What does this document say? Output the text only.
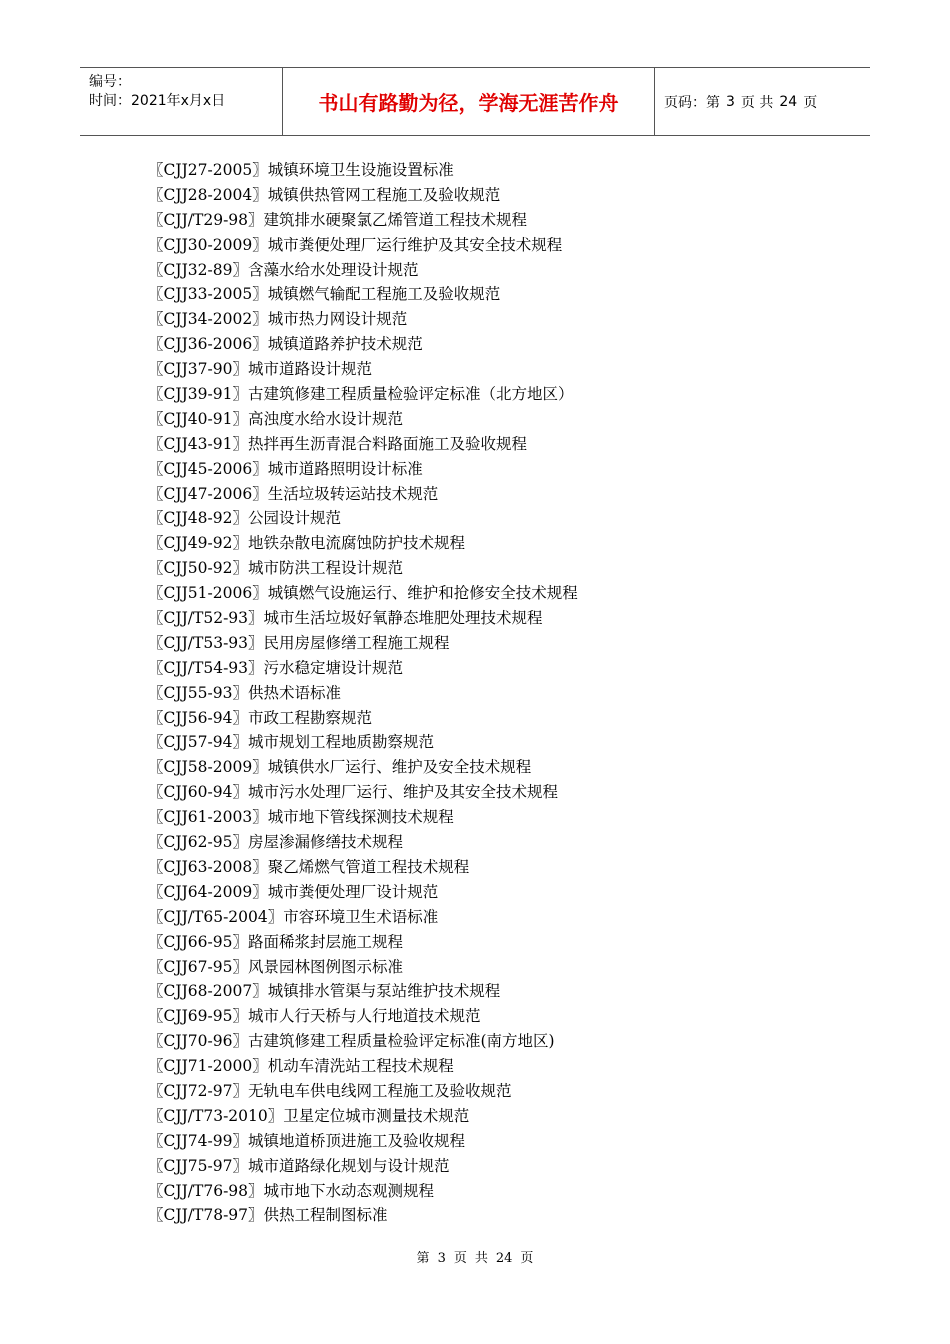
编号：
时间：2021年x月x日	书山有路勤为径，学海无涯苦作舟	页码：第 3 页 共 24 页
〖CJJ27-2005〗城镇环境卫生设施设置标准
〖CJJ28-2004〗城镇供热管网工程施工及验收规范
〖CJJ/T29-98〗建筑排水硬聚氯乙烯管道工程技术规程
〖CJJ30-2009〗城市粪便处理厂运行维护及其安全技术规程
〖CJJ32-89〗含藻水给水处理设计规范
〖CJJ33-2005〗城镇燃气输配工程施工及验收规范
〖CJJ34-2002〗城市热力网设计规范
〖CJJ36-2006〗城镇道路养护技术规范
〖CJJ37-90〗城市道路设计规范
〖CJJ39-91〗古建筑修建工程质量检验评定标准（北方地区）
〖CJJ40-91〗高浊度水给水设计规范
〖CJJ43-91〗热拌再生沥青混合料路面施工及验收规程
〖CJJ45-2006〗城市道路照明设计标准
〖CJJ47-2006〗生活垃圾转运站技术规范
〖CJJ48-92〗公园设计规范
〖CJJ49-92〗地铁杂散电流腐蚀防护技术规程
〖CJJ50-92〗城市防洪工程设计规范
〖CJJ51-2006〗城镇燃气设施运行、维护和抢修安全技术规程
〖CJJ/T52-93〗城市生活垃圾好氧静态堆肥处理技术规程
〖CJJ/T53-93〗民用房屋修缮工程施工规程
〖CJJ/T54-93〗污水稳定塘设计规范
〖CJJ55-93〗供热术语标准
〖CJJ56-94〗市政工程勘察规范
〖CJJ57-94〗城市规划工程地质勘察规范
〖CJJ58-2009〗城镇供水厂运行、维护及安全技术规程
〖CJJ60-94〗城市污水处理厂运行、维护及其安全技术规程
〖CJJ61-2003〗城市地下管线探测技术规程
〖CJJ62-95〗房屋渗漏修缮技术规程
〖CJJ63-2008〗聚乙烯燃气管道工程技术规程
〖CJJ64-2009〗城市粪便处理厂设计规范
〖CJJ/T65-2004〗市容环境卫生术语标准
〖CJJ66-95〗路面稀浆封层施工规程
〖CJJ67-95〗风景园林图例图示标准
〖CJJ68-2007〗城镇排水管渠与泵站维护技术规程
〖CJJ69-95〗城市人行天桥与人行地道技术规范
〖CJJ70-96〗古建筑修建工程质量检验评定标准(南方地区)
〖CJJ71-2000〗机动车清洗站工程技术规程
〖CJJ72-97〗无轨电车供电线网工程施工及验收规范
〖CJJ/T73-2010〗卫星定位城市测量技术规范
〖CJJ74-99〗城镇地道桥顶进施工及验收规程
〖CJJ75-97〗城市道路绿化规划与设计规范
〖CJJ/T76-98〗城市地下水动态观测规程
〖CJJ/T78-97〗供热工程制图标准
第 3 页 共 24 页
